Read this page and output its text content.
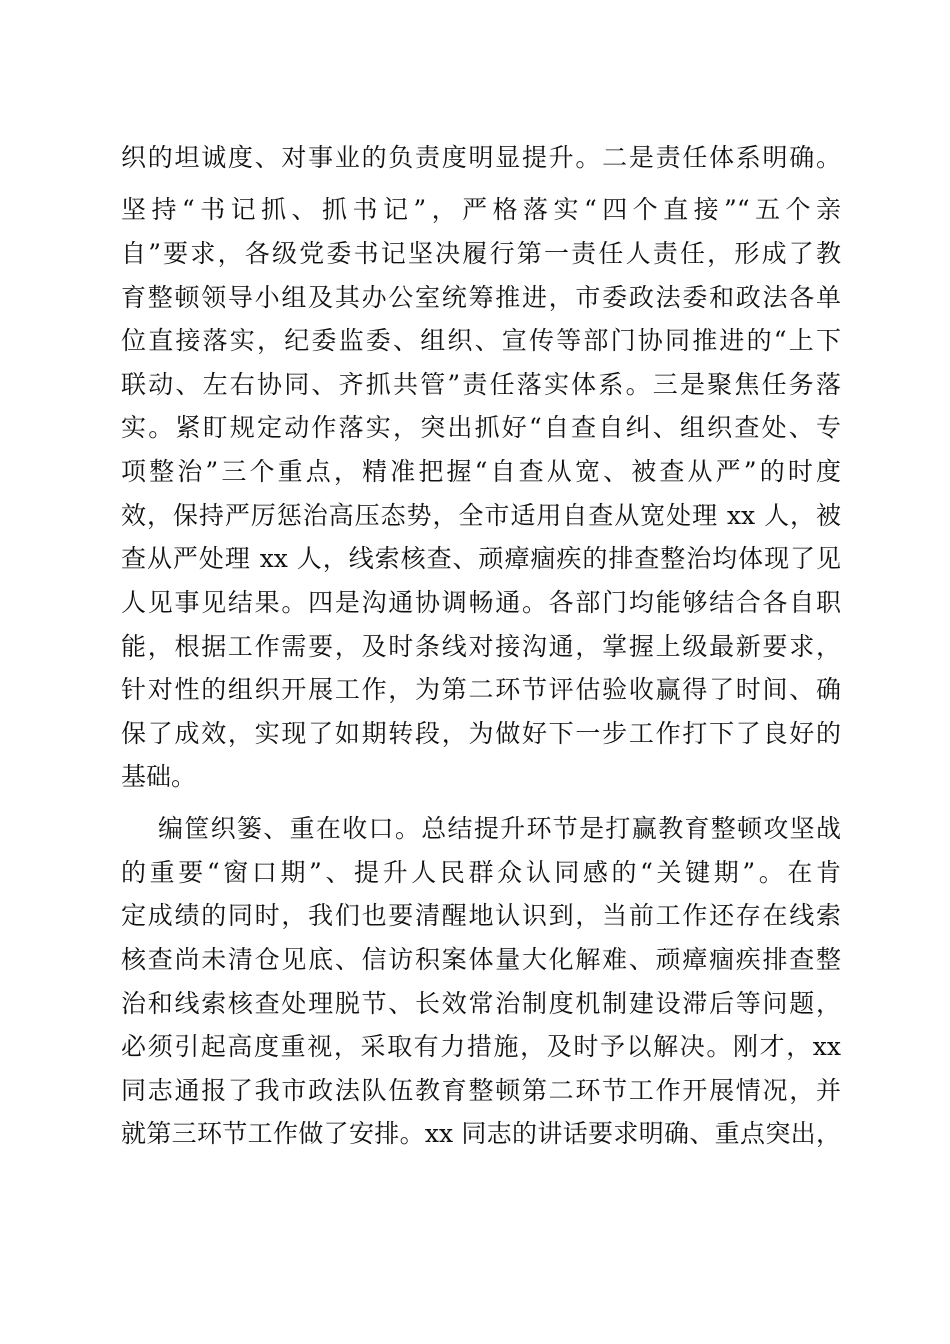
织的坦诚度、对事业的负责度明显提升。二是责任体系明确。
坚持“书记抓、抓书记”，严格落实“四个直接”“五个亲
自”要求，各级党委书记坚决履行第一责任人责任，形成了教
育整顿领导小组及其办公室统筹推进，市委政法委和政法各单
位直接落实，纪委监委、组织、宣传等部门协同推进的“上下
联动、左右协同、齐抓共管”责任落实体系。三是聚焦任务落
实。紧盯规定动作落实，突出抓好“自查自纠、组织查处、专
项整治”三个重点，精准把握“自查从宽、被查从严”的时度
效，保持严厉惩治高压态势，全市适用自查从宽处理 xx 人，被
查从严处理 xx 人，线索核查、顽瘴痼疾的排查整治均体现了见
人见事见结果。四是沟通协调畅通。各部门均能够结合各自职
能，根据工作需要，及时条线对接沟通，掌握上级最新要求，
针对性的组织开展工作，为第二环节评估验收赢得了时间、确
保了成效，实现了如期转段，为做好下一步工作打下了良好的
基础。
编筐织篓、重在收口。总结提升环节是打赢教育整顿攻坚战
的重要“窗口期”、提升人民群众认同感的“关键期”。在肯
定成绩的同时，我们也要清醒地认识到，当前工作还存在线索
核查尚未清仓见底、信访积案体量大化解难、顽瘴痼疾排查整
治和线索核查处理脱节、长效常治制度机制建设滞后等问题，
必须引起高度重视，采取有力措施，及时予以解决。刚才，xx
同志通报了我市政法队伍教育整顿第二环节工作开展情况，并
就第三环节工作做了安排。xx 同志的讲话要求明确、重点突出，
